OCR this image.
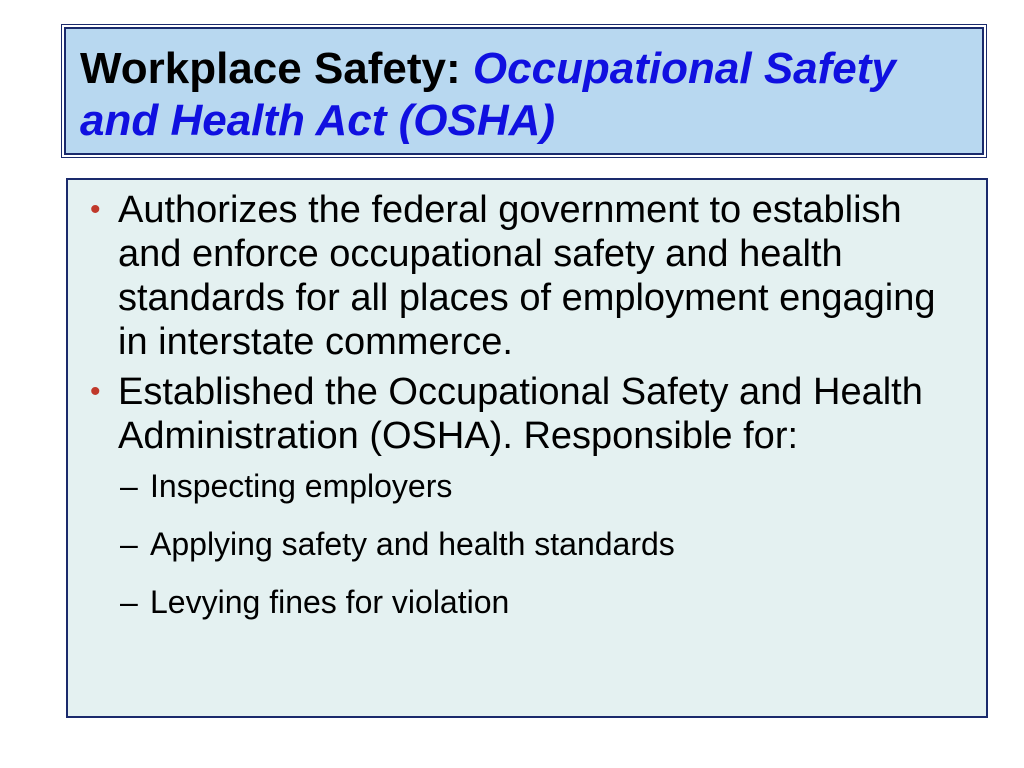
Workplace Safety: Occupational Safety and Health Act (OSHA)
• Authorizes the federal government to establish and enforce occupational safety and health standards for all places of employment engaging in interstate commerce.
• Established the Occupational Safety and Health Administration (OSHA). Responsible for:
– Inspecting employers
– Applying safety and health standards
– Levying fines for violation
